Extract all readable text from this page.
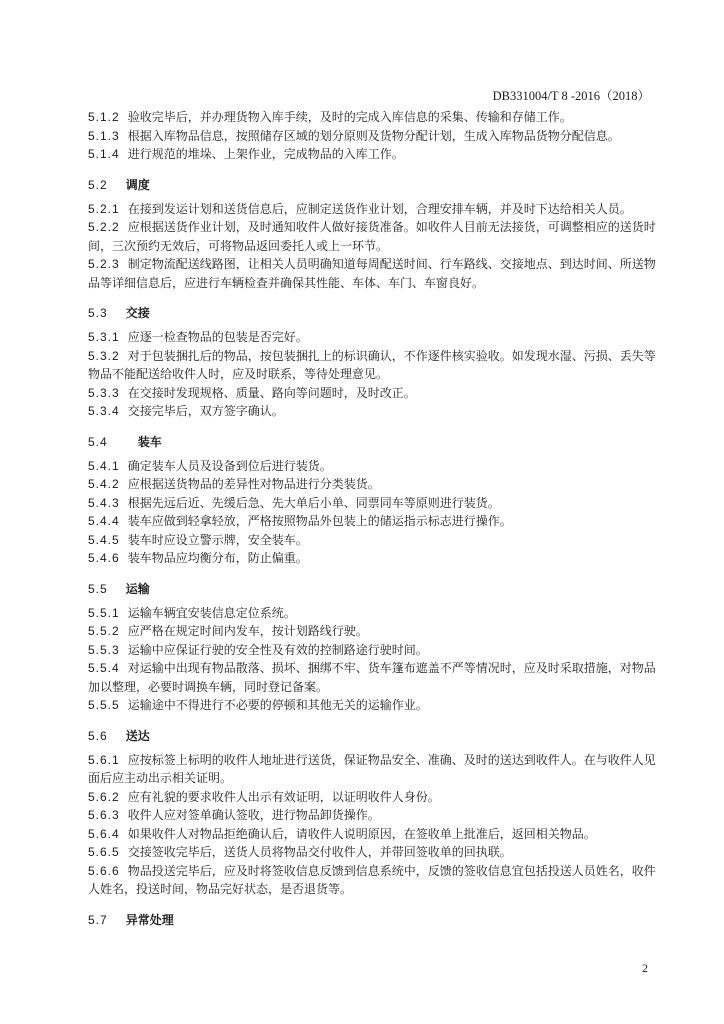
DB331004/T 8 -2016（2018）

5.1.2 验收完毕后，并办理货物入库手续，及时的完成入库信息的采集、传输和存储工作。

5.1.3 根据入库物品信息，按照储存区域的划分原则及货物分配计划，生成入库物品货物分配信息。

5.1.4 进行规范的堆垛、上架作业，完成物品的入库工作。

5.2 调度

5.2.1 在接到发运计划和送货信息后，应制定送货作业计划，合理安排车辆，并及时下达给相关人员。

5.2.2 应根据送货作业计划，及时通知收件人做好接货准备。如收件人目前无法接货，可调整相应的送货时间，三次预约无效后，可将物品返回委托人或上一环节。

5.2.3 制定物流配送线路图，让相关人员明确知道每周配送时间、行车路线、交接地点、到达时间、所送物品等详细信息后，应进行车辆检查并确保其性能、车体、车门、车窗良好。

5.3 交接

5.3.1 应逐一检查物品的包装是否完好。

5.3.2 对于包装捆扎后的物品，按包装捆扎上的标识确认，不作逐件核实验收。如发现水湿、污损、丢失等物品不能配送给收件人时，应及时联系，等待处理意见。

5.3.3 在交接时发现规格、质量、路向等问题时，及时改正。

5.3.4 交接完毕后，双方签字确认。

5.4	装车

5.4.1 确定装车人员及设备到位后进行装货。

5.4.2 应根据送货物品的差异性对物品进行分类装货。

5.4.3 根据先远后近、先缓后急、先大单后小单、同票同车等原则进行装货。

5.4.4 装车应做到轻拿轻放，严格按照物品外包装上的储运指示标志进行操作。

5.4.5 装车时应设立警示牌，安全装车。

5.4.6 装车物品应均衡分布，防止偏重。

5.5 运输

5.5.1 运输车辆宜安装信息定位系统。

5.5.2 应严格在规定时间内发车，按计划路线行驶。

5.5.3 运输中应保证行驶的安全性及有效的控制路途行驶时间。

5.5.4 对运输中出现有物品散落、损坏、捆绑不牢、货车篷布遮盖不严等情况时，应及时采取措施，对物品加以整理，必要时调换车辆，同时登记备案。

5.5.5 运输途中不得进行不必要的停顿和其他无关的运输作业。

5.6 送达

5.6.1 应按标签上标明的收件人地址进行送货，保证物品安全、准确、及时的送达到收件人。在与收件人见面后应主动出示相关证明。

5.6.2 应有礼貌的要求收件人出示有效证明，以证明收件人身份。

5.6.3 收件人应对签单确认签收，进行物品卸货操作。

5.6.4 如果收件人对物品拒绝确认后，请收件人说明原因，在签收单上批准后，返回相关物品。

5.6.5 交接签收完毕后，送货人员将物品交付收件人，并带回签收单的回执联。

5.6.6 物品投送完毕后，应及时将签收信息反馈到信息系统中，反馈的签收信息宜包括投送人员姓名，收件人姓名，投送时间，物品完好状态，是否退货等。

5.7 异常处理
2
